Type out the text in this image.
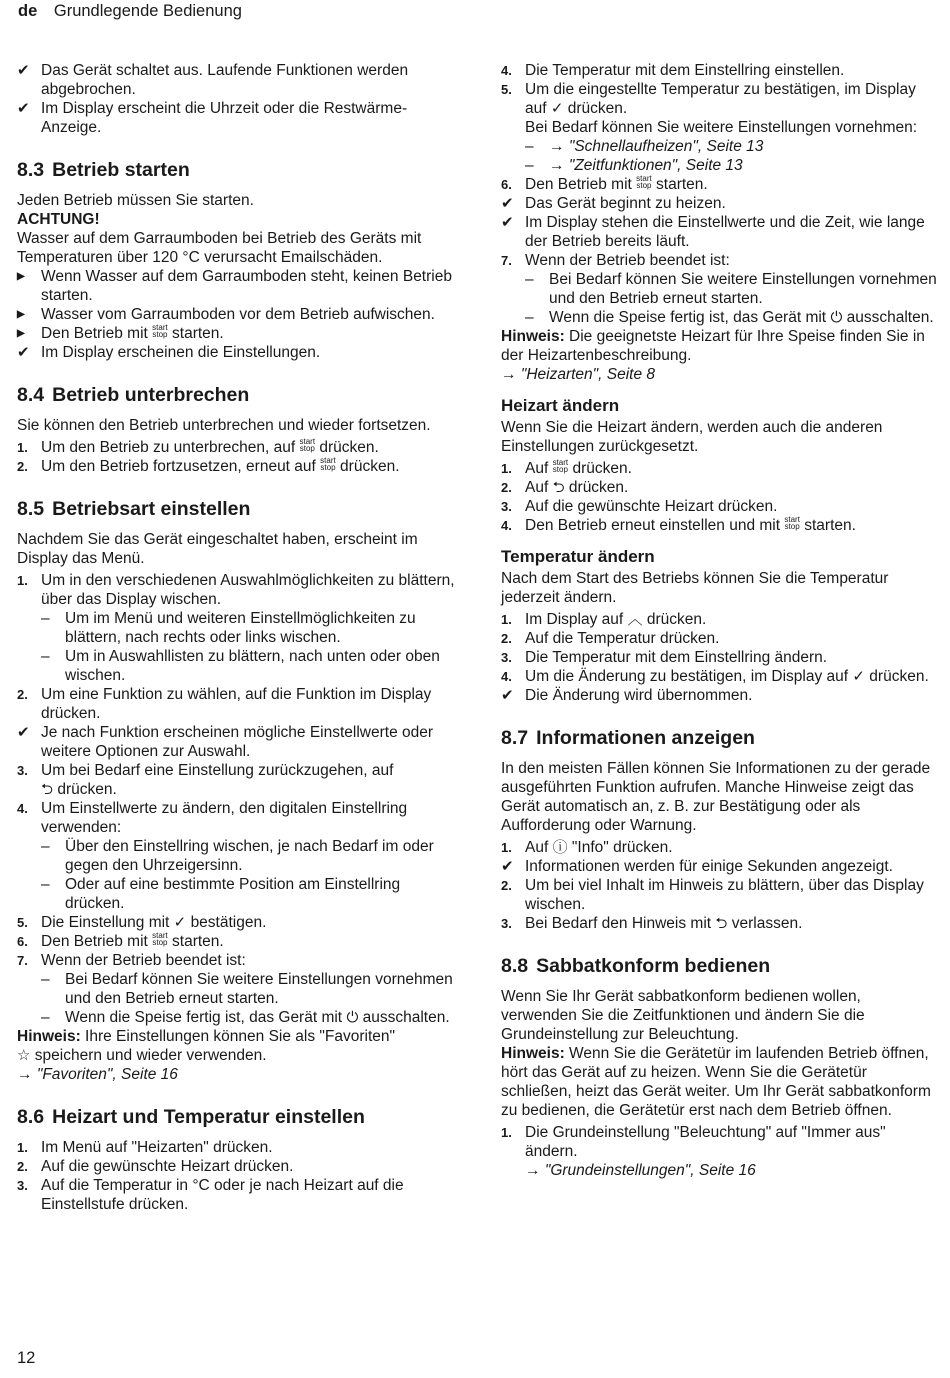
de Grundlegende Bedienung
✔ Das Gerät schaltet aus. Laufende Funktionen werden abgebrochen.
✔ Im Display erscheint die Uhrzeit oder die Restwärme-Anzeige.
8.3 Betrieb starten
Jeden Betrieb müssen Sie starten.
ACHTUNG!
Wasser auf dem Garraumboden bei Betrieb des Geräts mit Temperaturen über 120 °C verursacht Emailschäden.
▶	Wenn Wasser auf dem Garraumboden steht, keinen Betrieb starten.
▶	Wasser vom Garraumboden vor dem Betrieb aufwischen.
▶	Den Betrieb mit start
stop starten.
✔ Im Display erscheinen die Einstellungen.
8.4 Betrieb unterbrechen
Sie können den Betrieb unterbrechen und wieder fortsetzen.
1. Um den Betrieb zu unterbrechen, auf start
stop drücken.
2. Um den Betrieb fortzusetzen, erneut auf start
stop drücken.
8.5 Betriebsart einstellen
Nachdem Sie das Gerät eingeschaltet haben, erscheint im Display das Menü.
1. Um in den verschiedenen Auswahlmöglichkeiten zu blättern, über das Display wischen.
– Um im Menü und weiteren Einstellmöglichkeiten zu blättern, nach rechts oder links wischen.
– Um in Auswahllisten zu blättern, nach unten oder oben wischen.
2. Um eine Funktion zu wählen, auf die Funktion im Display drücken.
✔ Je nach Funktion erscheinen mögliche Einstellwerte oder weitere Optionen zur Auswahl.
3. Um bei Bedarf eine Einstellung zurückzugehen, auf
⮌ drücken.
4. Um Einstellwerte zu ändern, den digitalen Einstellring verwenden:
– Über den Einstellring wischen, je nach Bedarf im oder gegen den Uhrzeigersinn.
– Oder auf eine bestimmte Position am Einstellring drücken.
5. Die Einstellung mit ✓ bestätigen.
6. Den Betrieb mit start
stop starten.
7. Wenn der Betrieb beendet ist:
– Bei Bedarf können Sie weitere Einstellungen vornehmen und den Betrieb erneut starten.
– Wenn die Speise fertig ist, das Gerät mit ⏻ ausschalten.
Hinweis: Ihre Einstellungen können Sie als "Favoriten"
☆ speichern und wieder verwenden.
→ "Favoriten", Seite 16
8.6 Heizart und Temperatur einstellen
1. Im Menü auf "Heizarten" drücken.
2. Auf die gewünschte Heizart drücken.
3. Auf die Temperatur in °C oder je nach Heizart auf die Einstellstufe drücken.
4. Die Temperatur mit dem Einstellring einstellen.
5. Um die eingestellte Temperatur zu bestätigen, im Display auf ✓ drücken.
Bei Bedarf können Sie weitere Einstellungen vornehmen:
– → "Schnellaufheizen", Seite 13
– → "Zeitfunktionen", Seite 13
6. Den Betrieb mit start
stop starten.
✔ Das Gerät beginnt zu heizen.
✔ Im Display stehen die Einstellwerte und die Zeit, wie lange der Betrieb bereits läuft.
7. Wenn der Betrieb beendet ist:
– Bei Bedarf können Sie weitere Einstellungen vornehmen und den Betrieb erneut starten.
– Wenn die Speise fertig ist, das Gerät mit ⏻ ausschalten.
Hinweis: Die geeignetste Heizart für Ihre Speise finden Sie in der Heizartenbeschreibung.
→ "Heizarten", Seite 8
Heizart ändern
Wenn Sie die Heizart ändern, werden auch die anderen Einstellungen zurückgesetzt.
1. Auf start
stop drücken.
2. Auf ⮌ drücken.
3. Auf die gewünschte Heizart drücken.
4. Den Betrieb erneut einstellen und mit start
stop starten.
Temperatur ändern
Nach dem Start des Betriebs können Sie die Temperatur jederzeit ändern.
1. Im Display auf ︿ drücken.
2. Auf die Temperatur drücken.
3. Die Temperatur mit dem Einstellring ändern.
4. Um die Änderung zu bestätigen, im Display auf ✓ drücken.
✔ Die Änderung wird übernommen.
8.7 Informationen anzeigen
In den meisten Fällen können Sie Informationen zu der gerade ausgeführten Funktion aufrufen. Manche Hinweise zeigt das Gerät automatisch an, z. B. zur Bestätigung oder als Aufforderung oder Warnung.
1. Auf ⓘ "Info" drücken.
✔ Informationen werden für einige Sekunden angezeigt.
2. Um bei viel Inhalt im Hinweis zu blättern, über das Display wischen.
3. Bei Bedarf den Hinweis mit ⮌ verlassen.
8.8 Sabbatkonform bedienen
Wenn Sie Ihr Gerät sabbatkonform bedienen wollen, verwenden Sie die Zeitfunktionen und ändern Sie die Grundeinstellung zur Beleuchtung.
Hinweis: Wenn Sie die Gerätetür im laufenden Betrieb öffnen, hört das Gerät auf zu heizen. Wenn Sie die Gerätetür schließen, heizt das Gerät weiter. Um Ihr Gerät sabbatkonform zu bedienen, die Gerätetür erst nach dem Betrieb öffnen.
1. Die Grundeinstellung "Beleuchtung" auf "Immer aus" ändern.
→ "Grundeinstellungen", Seite 16
12
